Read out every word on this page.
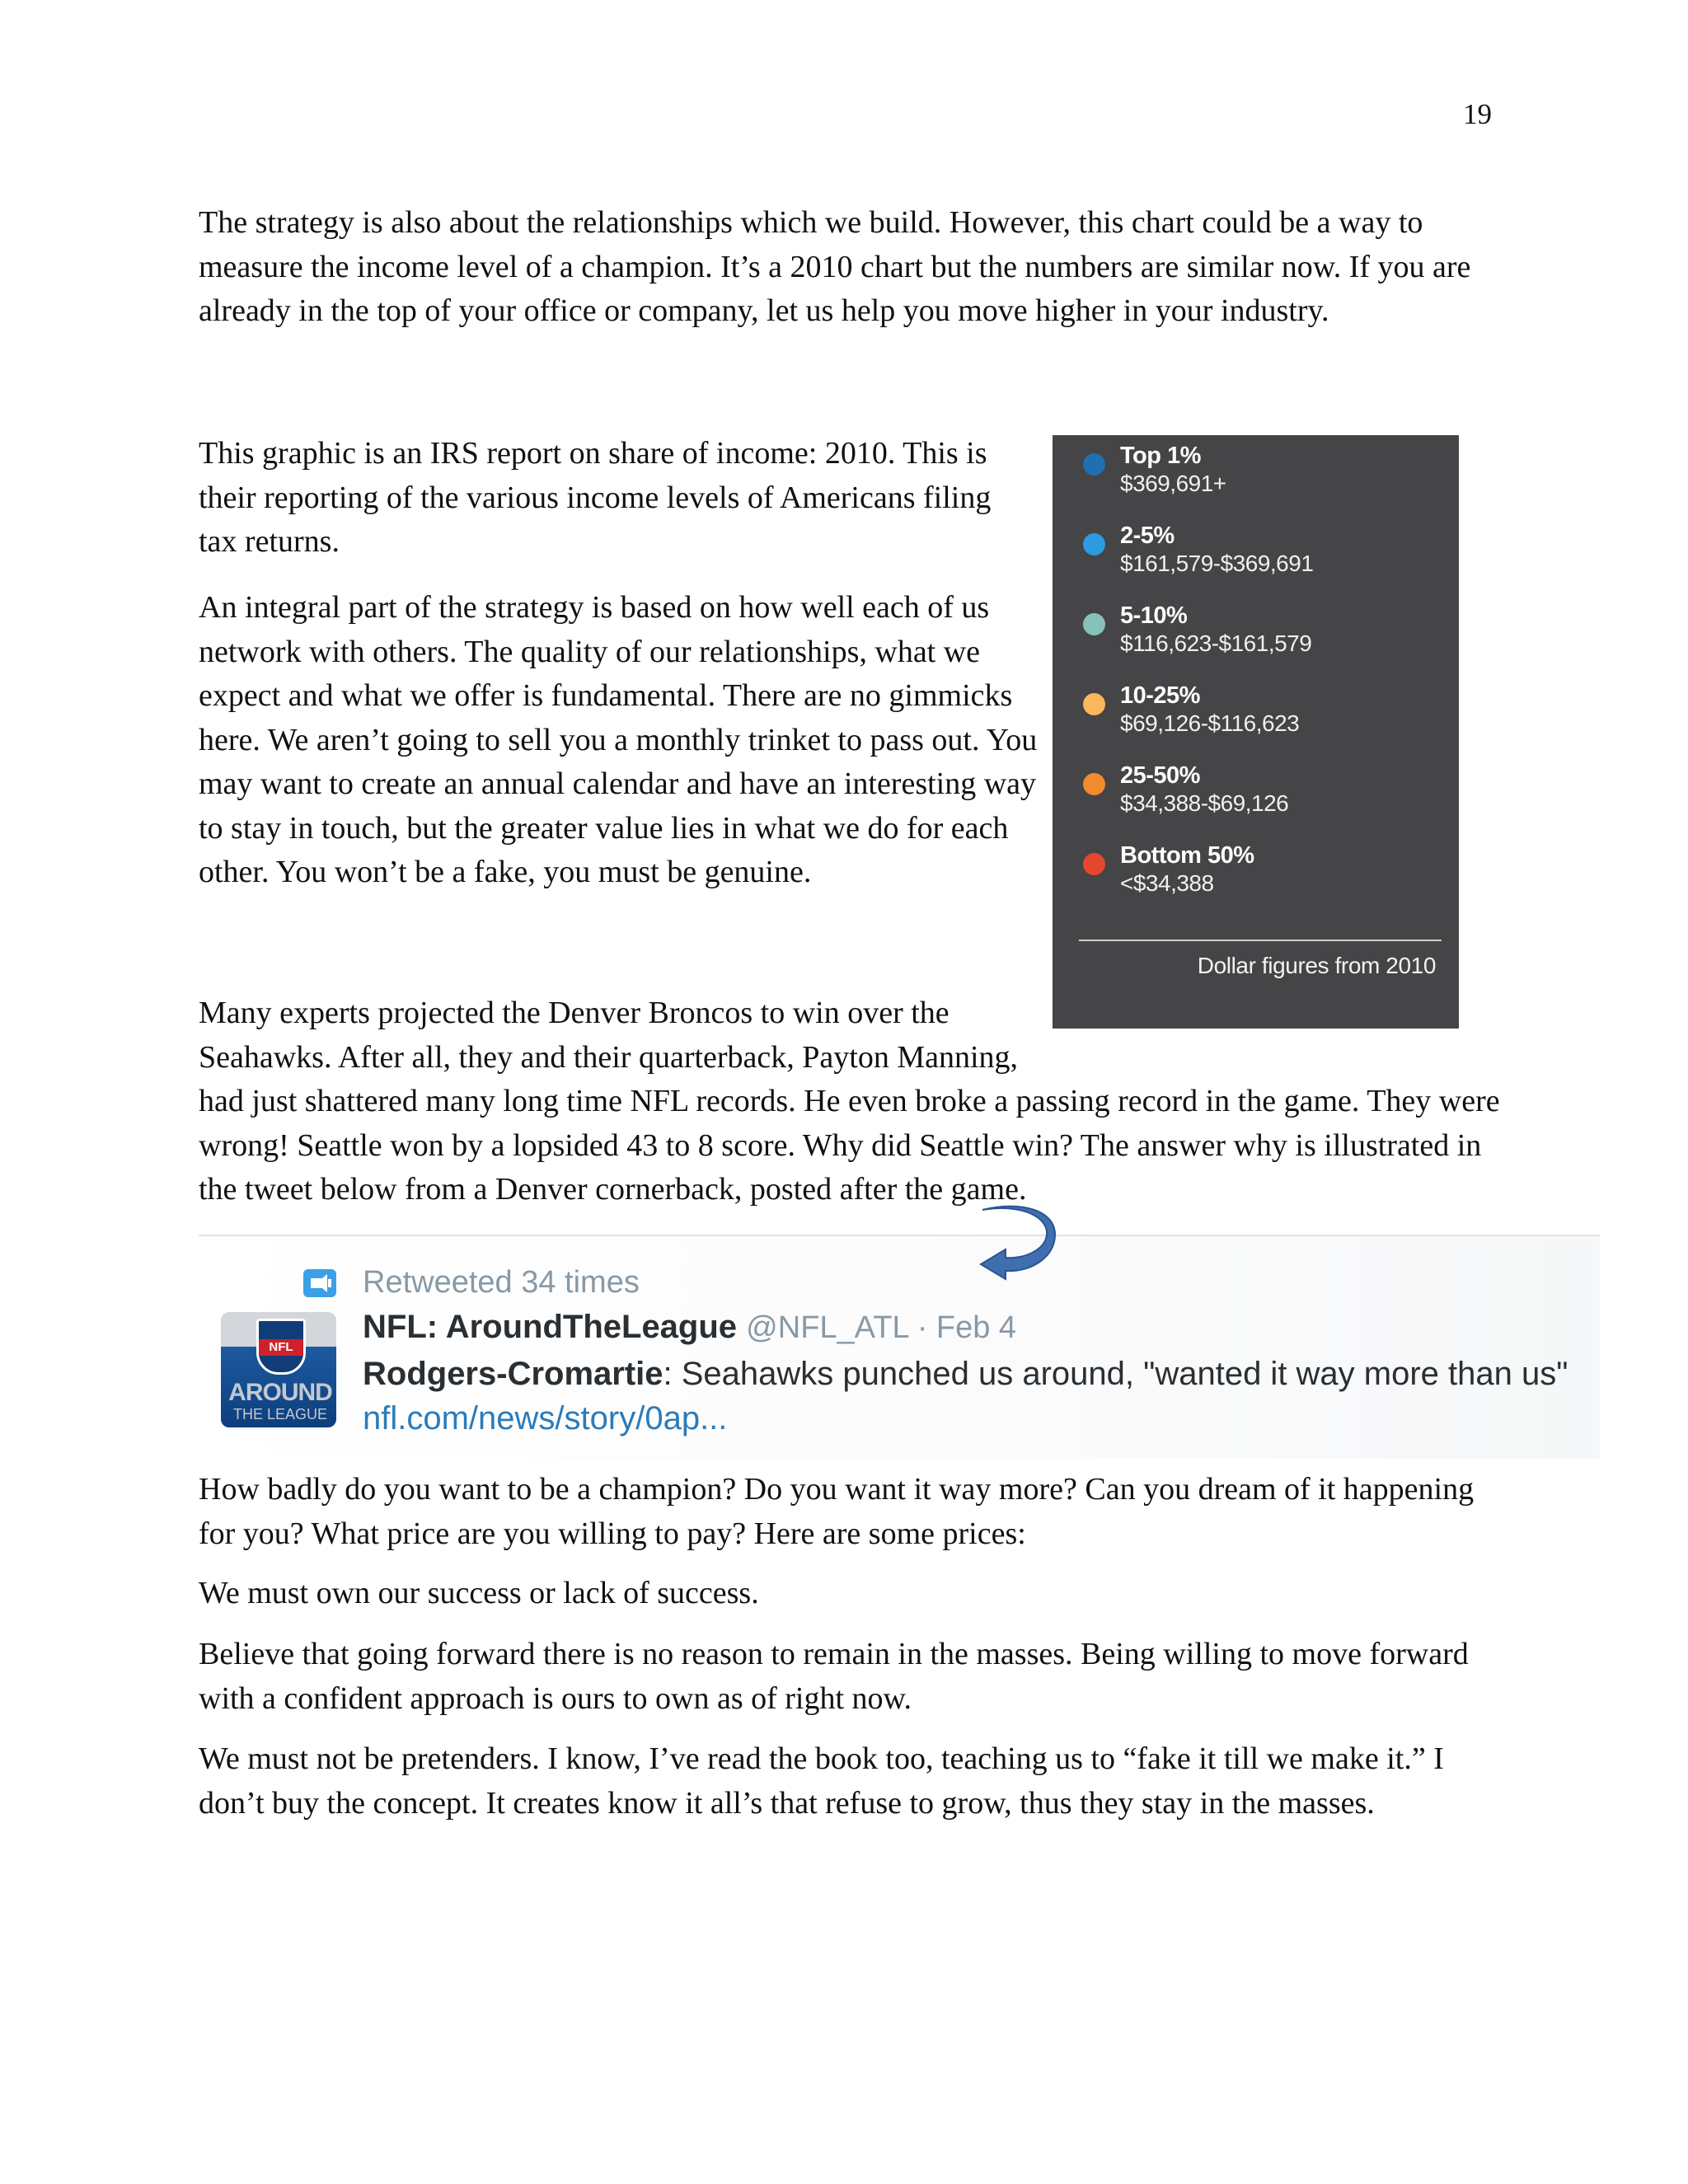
19

The strategy is also about the relationships which we build. However, this chart could be a way to measure the income level of a champion. It’s a 2010 chart but the numbers are similar now. If you are already in the top of your office or company, let us help you move higher in your industry.

This graphic is an IRS report on share of income: 2010. This is their reporting of the various income levels of Americans filing tax returns.

An integral part of the strategy is based on how well each of us network with others. The quality of our relationships, what we expect and what we offer is fundamental. There are no gimmicks here. We aren’t going to sell you a monthly trinket to pass out. You may want to create an annual calendar and have an interesting way to stay in touch, but the greater value lies in what we do for each other. You won’t be a fake, you must be genuine.

Many experts projected the Denver Broncos to win over the Seahawks. After all, they and their quarterback, Payton Manning, had just shattered many long time NFL records. He even broke a passing record in the game. They were wrong! Seattle won by a lopsided 43 to 8 score. Why did Seattle win? The answer why is illustrated in the tweet below from a Denver cornerback, posted after the game.

Top 1%
$369,691+
2-5%
$161,579-$369,691
5-10%
$116,623-$161,579
10-25%
$69,126-$116,623
25-50%
$34,388-$69,126
Bottom 50%
<$34,388
Dollar figures from 2010
Retweeted 34 times
NFL
AROUND
THE LEAGUE
NFL: AroundTheLeague @NFL_ATL · Feb 4
Rodgers-Cromartie: Seahawks punched us around, "wanted it way more than us" nfl.com/news/story/0ap...

How badly do you want to be a champion? Do you want it way more? Can you dream of it happening for you? What price are you willing to pay? Here are some prices:

We must own our success or lack of success.

Believe that going forward there is no reason to remain in the masses. Being willing to move forward with a confident approach is ours to own as of right now.

We must not be pretenders. I know, I’ve read the book too, teaching us to “fake it till we make it.” I don’t buy the concept. It creates know it all’s that refuse to grow, thus they stay in the masses.
